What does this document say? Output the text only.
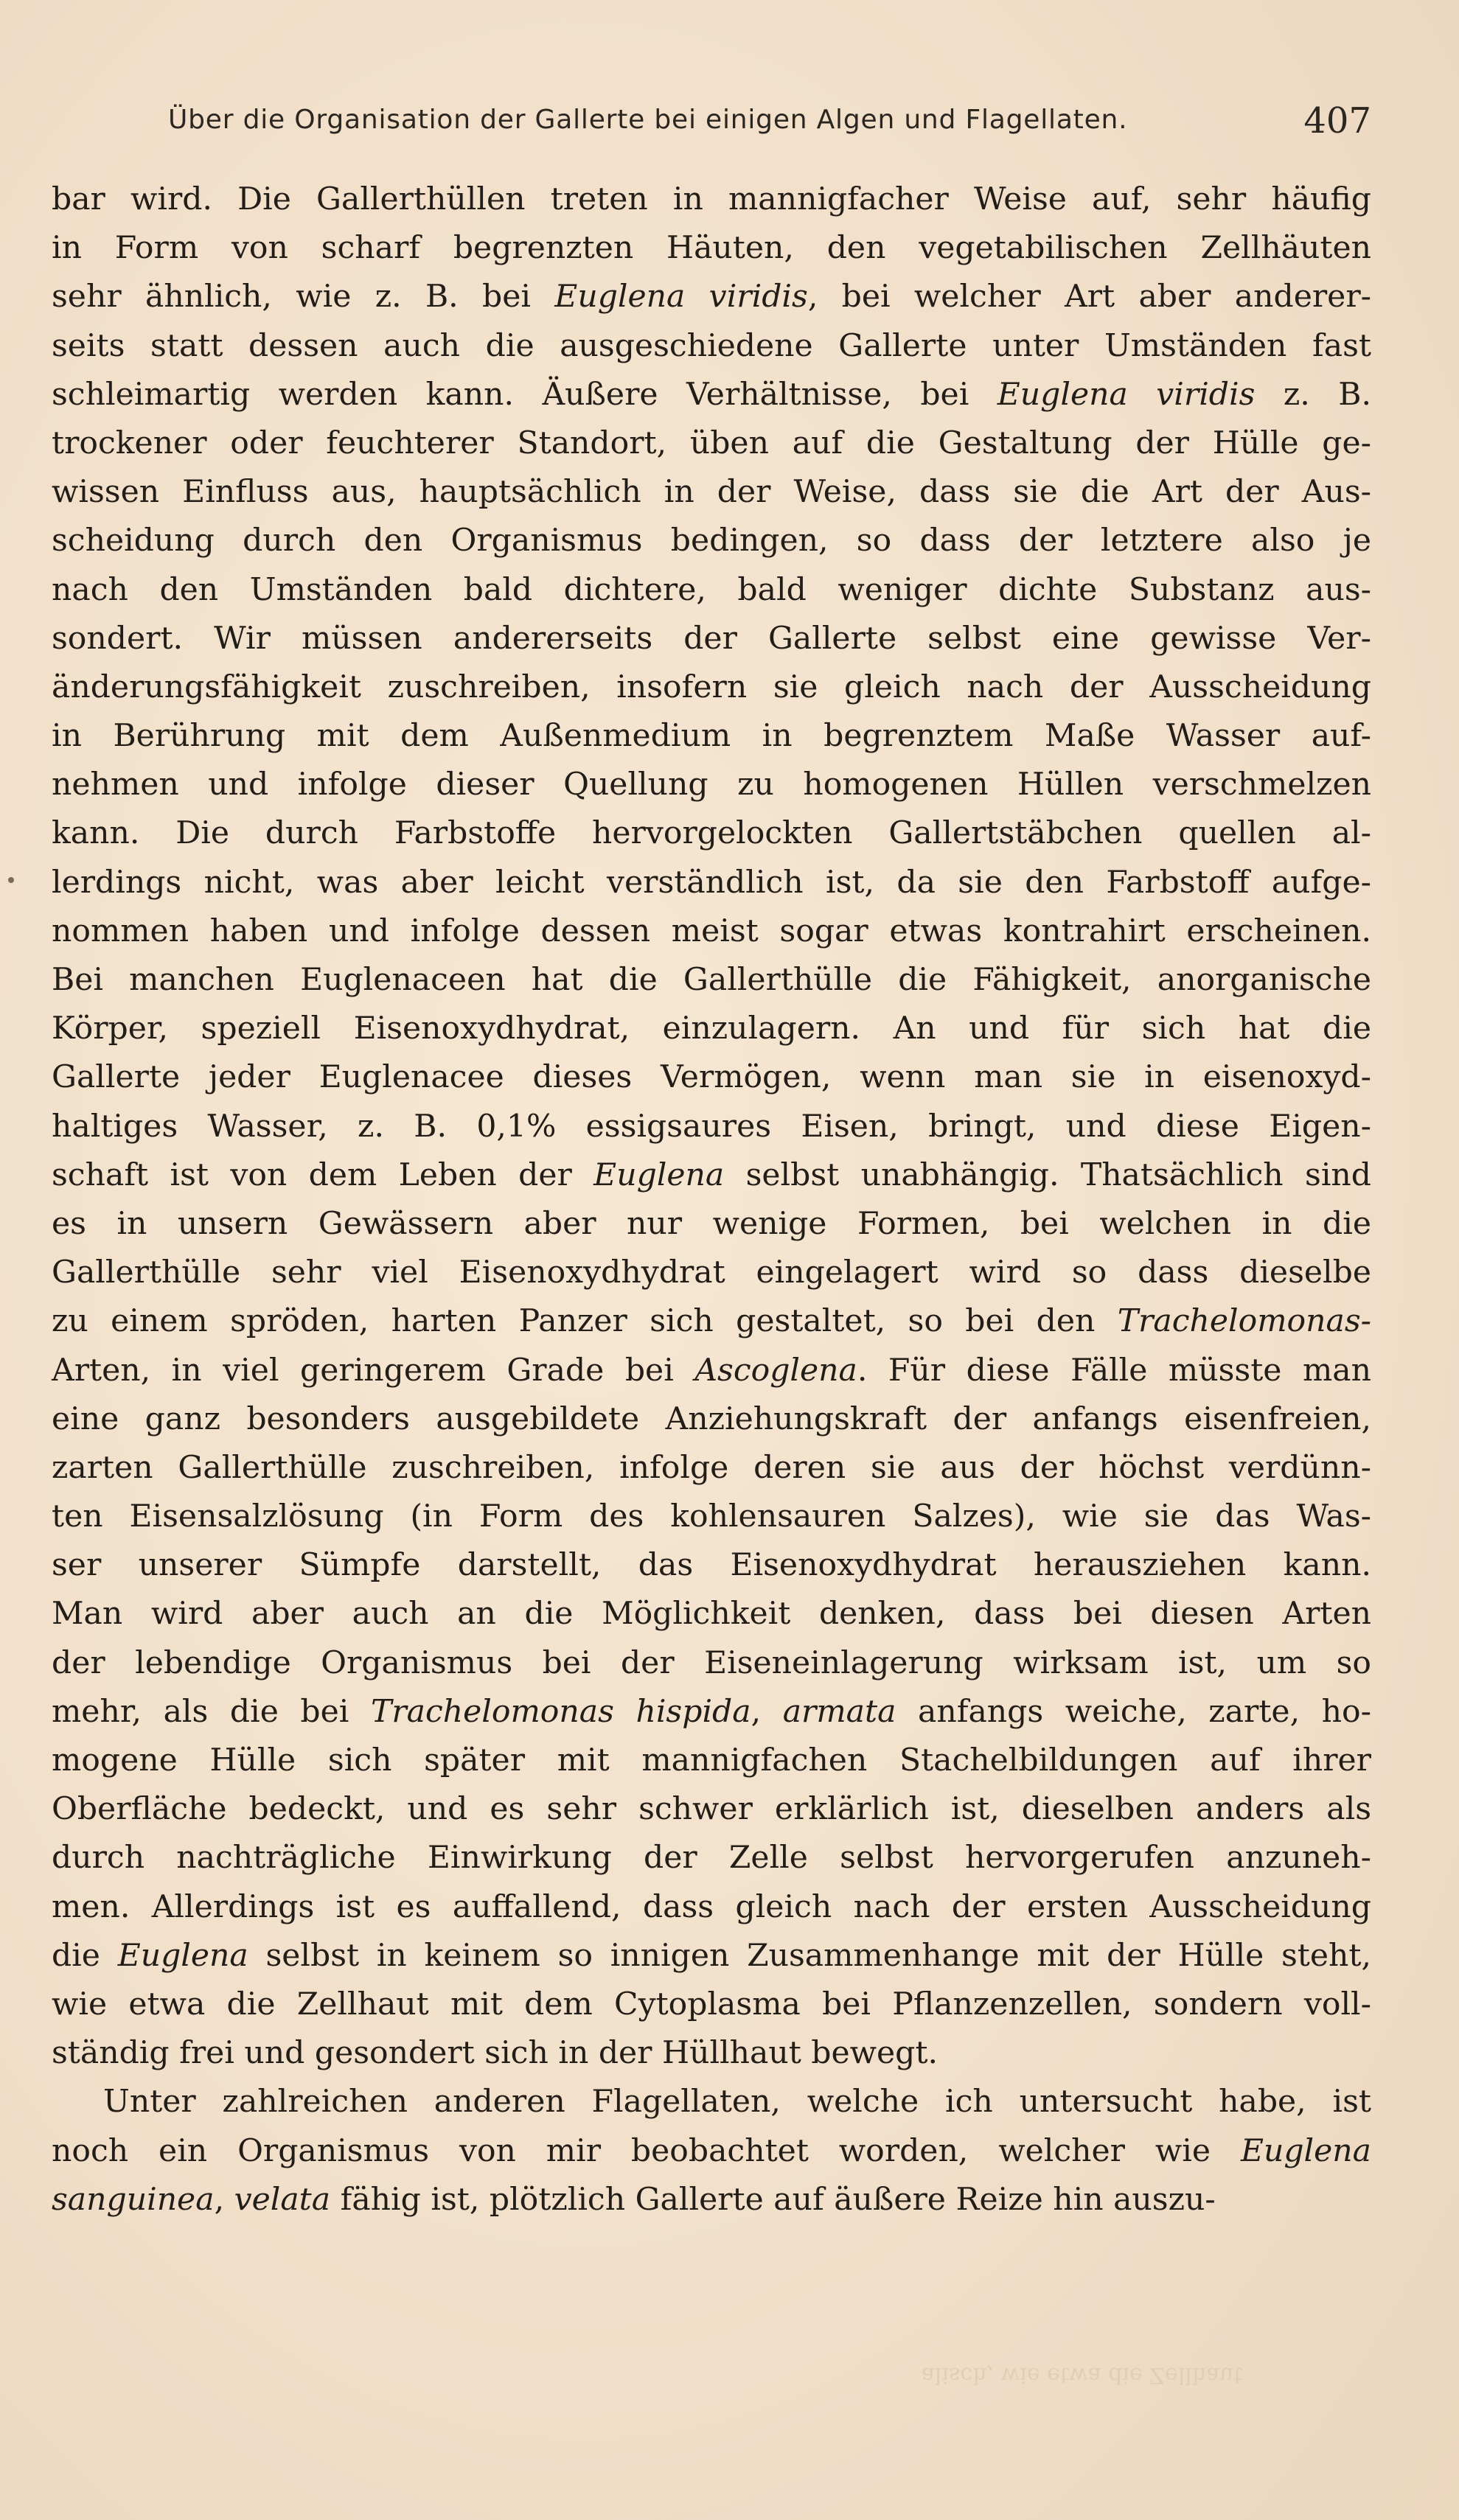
Über die Organisation der Gallerte bei einigen Algen und Flagellaten.	407
bar wird. Die Gallerthüllen treten in mannigfacher Weise auf, sehr häufig
in Form von scharf begrenzten Häuten, den vegetabilischen Zellhäuten
sehr ähnlich, wie z. B. bei Euglena viridis, bei welcher Art aber anderer-
seits statt dessen auch die ausgeschiedene Gallerte unter Umständen fast
schleimartig werden kann. Äußere Verhältnisse, bei Euglena viridis z. B.
trockener oder feuchterer Standort, üben auf die Gestaltung der Hülle ge-
wissen Einfluss aus, hauptsächlich in der Weise, dass sie die Art der Aus-
scheidung durch den Organismus bedingen, so dass der letztere also je
nach den Umständen bald dichtere, bald weniger dichte Substanz aus-
sondert. Wir müssen andererseits der Gallerte selbst eine gewisse Ver-
änderungsfähigkeit zuschreiben, insofern sie gleich nach der Ausscheidung
in Berührung mit dem Außenmedium in begrenztem Maße Wasser auf-
nehmen und infolge dieser Quellung zu homogenen Hüllen verschmelzen
kann. Die durch Farbstoffe hervorgelockten Gallertstäbchen quellen al-
lerdings nicht, was aber leicht verständlich ist, da sie den Farbstoff aufge-
nommen haben und infolge dessen meist sogar etwas kontrahirt erscheinen.
Bei manchen Euglenaceen hat die Gallerthülle die Fähigkeit, anorganische
Körper, speziell Eisenoxydhydrat, einzulagern. An und für sich hat die
Gallerte jeder Euglenacee dieses Vermögen, wenn man sie in eisenoxyd-
haltiges Wasser, z. B. 0,1% essigsaures Eisen, bringt, und diese Eigen-
schaft ist von dem Leben der Euglena selbst unabhängig. Thatsächlich sind
es in unsern Gewässern aber nur wenige Formen, bei welchen in die
Gallerthülle sehr viel Eisenoxydhydrat eingelagert wird so dass dieselbe
zu einem spröden, harten Panzer sich gestaltet, so bei den Trachelomonas-
Arten, in viel geringerem Grade bei Ascoglena. Für diese Fälle müsste man
eine ganz besonders ausgebildete Anziehungskraft der anfangs eisenfreien,
zarten Gallerthülle zuschreiben, infolge deren sie aus der höchst verdünn-
ten Eisensalzlösung (in Form des kohlensauren Salzes), wie sie das Was-
ser unserer Sümpfe darstellt, das Eisenoxydhydrat herausziehen kann.
Man wird aber auch an die Möglichkeit denken, dass bei diesen Arten
der lebendige Organismus bei der Eiseneinlagerung wirksam ist, um so
mehr, als die bei Trachelomonas hispida, armata anfangs weiche, zarte, ho-
mogene Hülle sich später mit mannigfachen Stachelbildungen auf ihrer
Oberfläche bedeckt, und es sehr schwer erklärlich ist, dieselben anders als
durch nachträgliche Einwirkung der Zelle selbst hervorgerufen anzuneh-
men. Allerdings ist es auffallend, dass gleich nach der ersten Ausscheidung
die Euglena selbst in keinem so innigen Zusammenhange mit der Hülle steht,
wie etwa die Zellhaut mit dem Cytoplasma bei Pflanzenzellen, sondern voll-
ständig frei und gesondert sich in der Hüllhaut bewegt.
Unter zahlreichen anderen Flagellaten, welche ich untersucht habe, ist
noch ein Organismus von mir beobachtet worden, welcher wie Euglena
sanguinea, velata fähig ist, plötzlich Gallerte auf äußere Reize hin auszu-
alisch, wie etwa die Zellhaut
